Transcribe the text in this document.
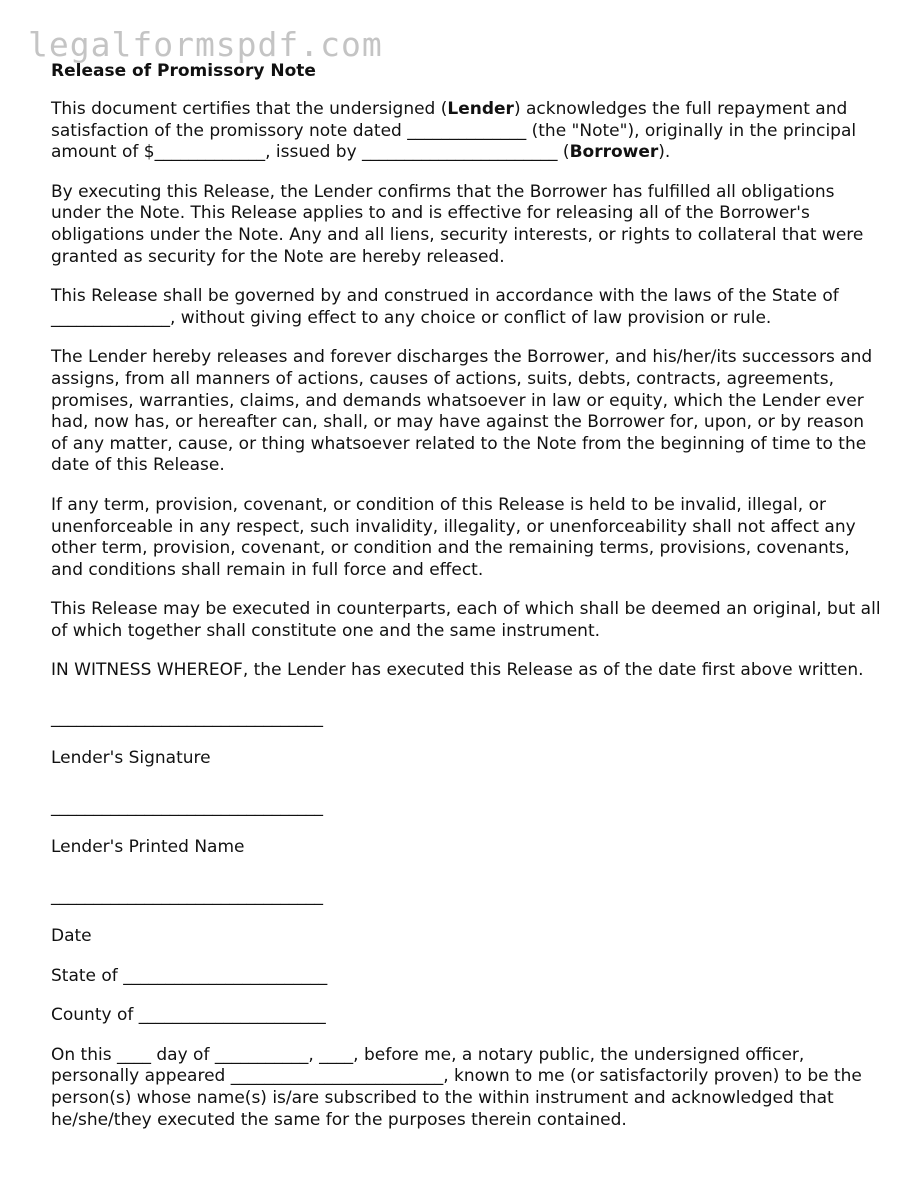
legalformspdf.com
Release of Promissory Note
This document certifies that the undersigned (Lender) acknowledges the full repayment and satisfaction of the promissory note dated ______________ (the "Note"), originally in the principal amount of $_____________, issued by _______________________ (Borrower).
By executing this Release, the Lender confirms that the Borrower has fulfilled all obligations under the Note. This Release applies to and is effective for releasing all of the Borrower's obligations under the Note. Any and all liens, security interests, or rights to collateral that were granted as security for the Note are hereby released.
This Release shall be governed by and construed in accordance with the laws of the State of ______________, without giving effect to any choice or conflict of law provision or rule.
The Lender hereby releases and forever discharges the Borrower, and his/her/its successors and assigns, from all manners of actions, causes of actions, suits, debts, contracts, agreements, promises, warranties, claims, and demands whatsoever in law or equity, which the Lender ever had, now has, or hereafter can, shall, or may have against the Borrower for, upon, or by reason of any matter, cause, or thing whatsoever related to the Note from the beginning of time to the date of this Release.
If any term, provision, covenant, or condition of this Release is held to be invalid, illegal, or unenforceable in any respect, such invalidity, illegality, or unenforceability shall not affect any other term, provision, covenant, or condition and the remaining terms, provisions, covenants, and conditions shall remain in full force and effect.
This Release may be executed in counterparts, each of which shall be deemed an original, but all of which together shall constitute one and the same instrument.
IN WITNESS WHEREOF, the Lender has executed this Release as of the date first above written.
________________________________
Lender's Signature
________________________________
Lender's Printed Name
________________________________
Date
State of ________________________
County of ______________________
On this ____ day of ___________, ____, before me, a notary public, the undersigned officer, personally appeared _________________________, known to me (or satisfactorily proven) to be the person(s) whose name(s) is/are subscribed to the within instrument and acknowledged that he/she/they executed the same for the purposes therein contained.
